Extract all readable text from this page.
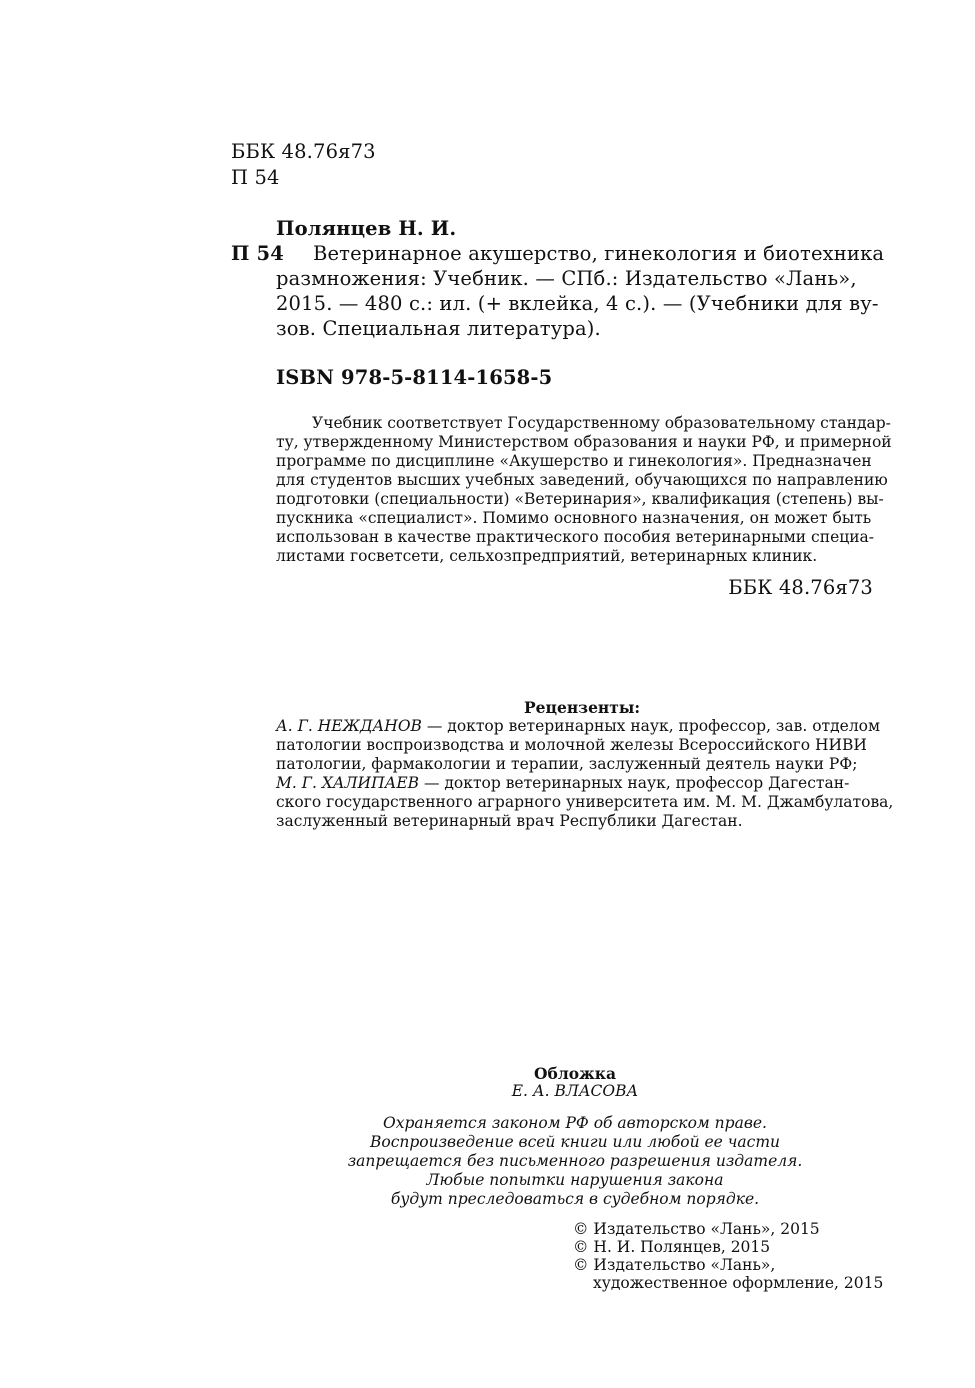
ББК 48.76я73
П 54
Полянцев Н. И.
П 54 Ветеринарное акушерство, гинекология и биотехника
размножения: Учебник. — СПб.: Издательство «Лань»,
2015. — 480 с.: ил. (+ вклейка, 4 с.). — (Учебники для ву-
зов. Специальная литература).
ISBN 978-5-8114-1658-5
Учебник соответствует Государственному образовательному стандар-
ту, утвержденному Министерством образования и науки РФ, и примерной
программе по дисциплине «Акушерство и гинекология». Предназначен
для студентов высших учебных заведений, обучающихся по направлению
подготовки (специальности) «Ветеринария», квалификация (степень) вы-
пускника «специалист». Помимо основного назначения, он может быть
использован в качестве практического пособия ветеринарными специа-
листами госветсети, сельхозпредприятий, ветеринарных клиник.
ББК 48.76я73
Рецензенты:
А. Г. НЕЖДАНОВ — доктор ветеринарных наук, профессор, зав. отделом
патологии воспроизводства и молочной железы Всероссийского НИВИ
патологии, фармакологии и терапии, заслуженный деятель науки РФ;
М. Г. ХАЛИПАЕВ — доктор ветеринарных наук, профессор Дагестан-
ского государственного аграрного университета им. М. М. Джамбулатова,
заслуженный ветеринарный врач Республики Дагестан.
Обложка
Е. А. ВЛАСОВА

Охраняется законом РФ об авторском праве.

Воспроизведение всей книги или любой ее части

запрещается без письменного разрешения издателя.

Любые попытки нарушения закона

будут преследоваться в судебном порядке.

© Издательство «Лань», 2015
© Н. И. Полянцев, 2015
© Издательство «Лань»,
художественное оформление, 2015
